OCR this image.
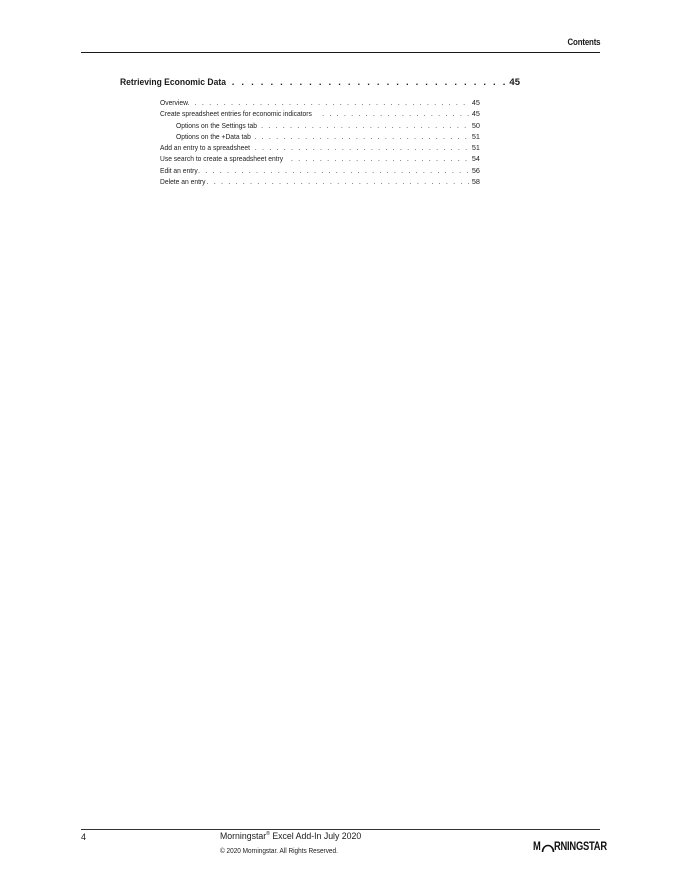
Contents
Retrieving Economic Data . . .	45
Overview . . .	45
Create spreadsheet entries for economic indicators . . .	45
Options on the Settings tab . . .	50
Options on the +Data tab . . .	51
Add an entry to a spreadsheet . . .	51
Use search to create a spreadsheet entry . . .	54
Edit an entry . . .	56
Delete an entry . . .	58
4	Morningstar® Excel Add-In July 2020
© 2020 Morningstar. All Rights Reserved.	M RNINGSTAR
